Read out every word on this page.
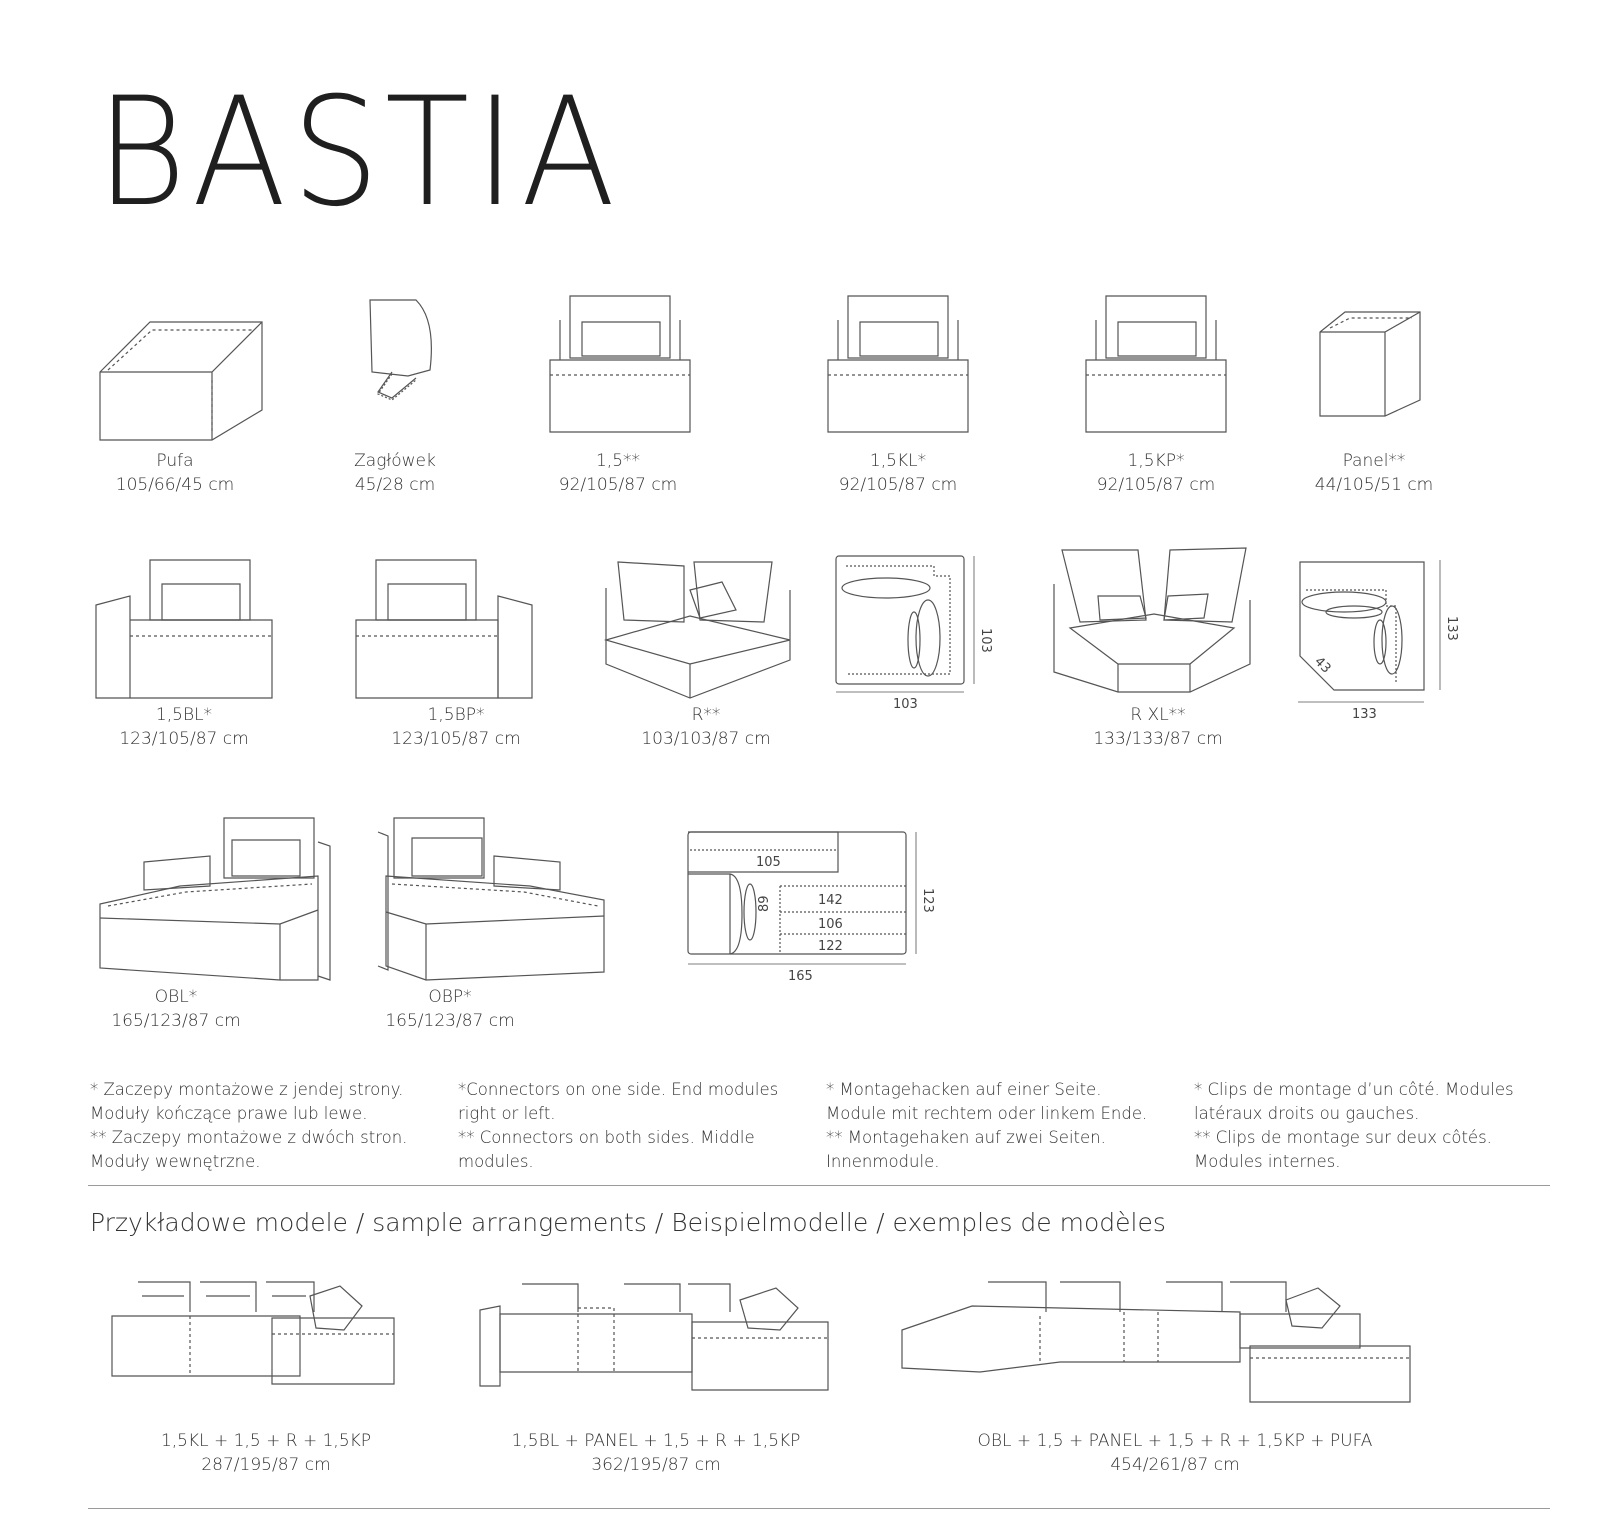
BASTIA
103
103
133
133
43
105
89	142
106
122
123
165
Pufa
105/66/45 cm
Zagłówek
45/28 cm
1,5**
92/105/87 cm
1,5KL*
92/105/87 cm
1,5KP*
92/105/87 cm
Panel**
44/105/51 cm
1,5BL*
123/105/87 cm
1,5BP*
123/105/87 cm
R**
103/103/87 cm
R XL**
133/133/87 cm
OBL*
165/123/87 cm
OBP*
165/123/87 cm
* Zaczepy montażowe z jendej strony.
Moduły kończące prawe lub lewe.
** Zaczepy montażowe z dwóch stron.
Moduły wewnętrzne.
*Connectors on one side. End modules
right or left.
** Connectors on both sides. Middle
modules.
* Montagehacken auf einer Seite.
Module mit rechtem oder linkem Ende.
** Montagehaken auf zwei Seiten.
Innenmodule.
* Clips de montage d’un côté. Modules
latéraux droits ou gauches.
** Clips de montage sur deux côtés.
Modules internes.
Przykładowe modele / sample arrangements / Beispielmodelle / exemples de modèles
1,5KL + 1,5 + R + 1,5KP
287/195/87 cm
1,5BL + PANEL + 1,5 + R + 1,5KP
362/195/87 cm
OBL + 1,5 + PANEL + 1,5 + R + 1,5KP + PUFA
454/261/87 cm
